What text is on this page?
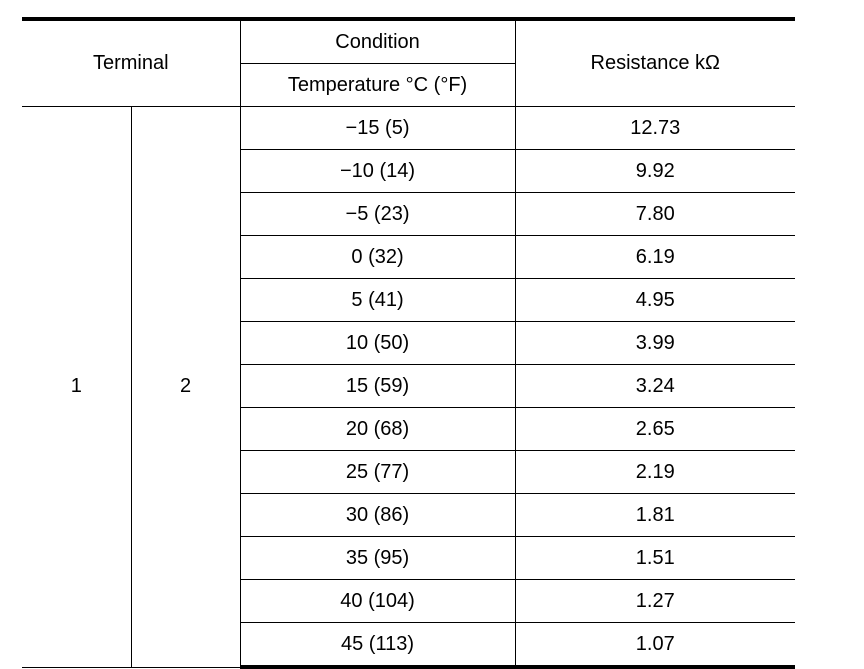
Terminal		Condition	Resistance kΩ
		Temperature °C (°F)	
1	2	−15 (5)	12.73
		−10 (14)	9.92
		−5 (23)	7.80
		0 (32)	6.19
		5 (41)	4.95
		10 (50)	3.99
		15 (59)	3.24
		20 (68)	2.65
		25 (77)	2.19
		30 (86)	1.81
		35 (95)	1.51
		40 (104)	1.27
		45 (113)	1.07
